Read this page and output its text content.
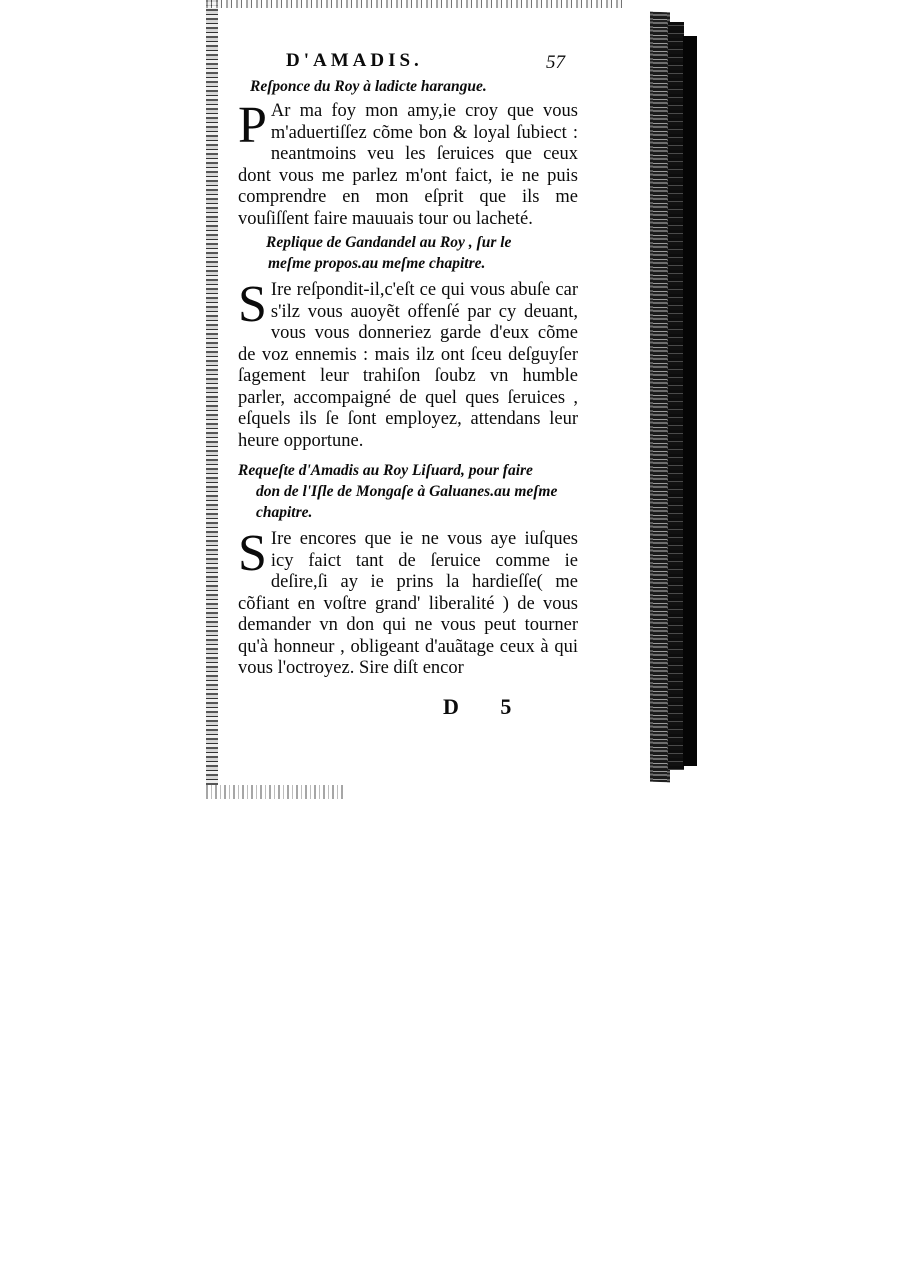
D'AMADIS.	57
Reſponce du Roy à ladicte harangue.

P Ar ma foy mon amy,ie croy que vous m'aduertiſſez cõme bon & loyal ſubiect : neantmoins veu les ſeruices que ceux dont vous me parlez m'ont faict, ie ne puis comprendre en mon eſprit que ils me vouſiſſent faire mauuais tour ou lacheté.

Replique de Gandandel au Roy , ſur le
meſme propos.au meſme chapitre.

S Ire reſpondit-il,c'eſt ce qui vous abuſe car s'ilz vous auoyẽt offenſé par cy deuant, vous vous donneriez garde d'eux cõme de voz ennemis : mais ilz ont ſceu deſguyſer ſagement leur trahiſon ſoubz vn humble parler, accompaigné de quel ques ſeruices , eſquels ils ſe ſont employez, attendans leur heure opportune.

Requeſte d'Amadis au Roy Liſuard, pour faire
don de l'Iſle de Mongaſe à Galuanes.au meſme chapitre.

S Ire encores que ie ne vous aye iuſques icy faict tant de ſeruice comme ie deſire,ſi ay ie prins la hardieſſe( me cõfiant en voſtre grand' liberalité ) de vous demander vn don qui ne vous peut tourner qu'à honneur , obligeant d'auãtage ceux à qui vous l'octroyez. Sire diſt encor

D 5
